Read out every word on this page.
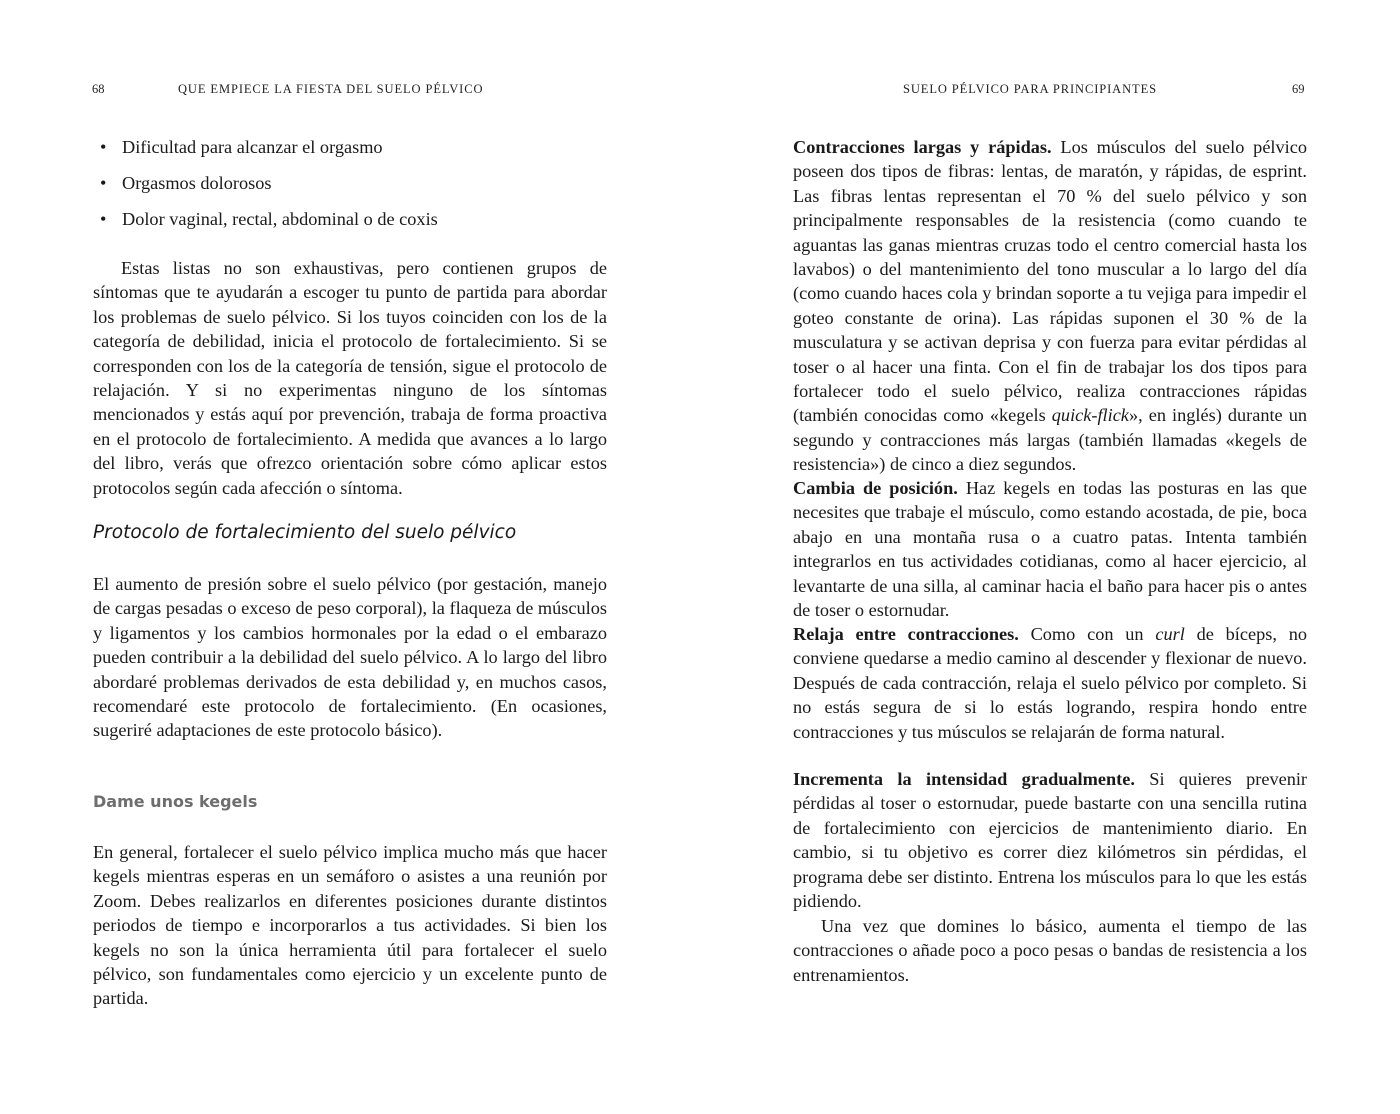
68	QUE EMPIECE LA FIESTA DEL SUELO PÉLVICO
• Dificultad para alcanzar el orgasmo
• Orgasmos dolorosos
• Dolor vaginal, rectal, abdominal o de coxis

Estas listas no son exhaustivas, pero contienen grupos de síntomas que te ayudarán a escoger tu punto de partida para abordar los problemas de suelo pélvico. Si los tuyos coinciden con los de la categoría de debilidad, inicia el protocolo de fortalecimiento. Si se corresponden con los de la categoría de tensión, sigue el protocolo de relajación. Y si no experimentas ninguno de los síntomas mencionados y estás aquí por prevención, trabaja de forma proactiva en el protocolo de fortalecimiento. A medida que avances a lo largo del libro, verás que ofrezco orientación sobre cómo aplicar estos protocolos según cada afección o síntoma.

Protocolo de fortalecimiento del suelo pélvico

El aumento de presión sobre el suelo pélvico (por gestación, manejo de cargas pesadas o exceso de peso corporal), la flaqueza de músculos y ligamentos y los cambios hormonales por la edad o el embarazo pueden contribuir a la debilidad del suelo pélvico. A lo largo del libro abordaré problemas derivados de esta debilidad y, en muchos casos, recomendaré este protocolo de fortalecimiento. (En ocasiones, sugeriré adaptaciones de este protocolo básico).

Dame unos kegels

En general, fortalecer el suelo pélvico implica mucho más que hacer kegels mientras esperas en un semáforo o asistes a una reunión por Zoom. Debes realizarlos en diferentes posiciones durante distintos periodos de tiempo e incorporarlos a tus actividades. Si bien los kegels no son la única herramienta útil para fortalecer el suelo pélvico, son fundamentales como ejercicio y un excelente punto de partida.

SUELO PÉLVICO PARA PRINCIPIANTES	69

Contracciones largas y rápidas. Los músculos del suelo pélvico poseen dos tipos de fibras: lentas, de maratón, y rápidas, de esprint. Las fibras lentas representan el 70 % del suelo pélvico y son principalmente responsables de la resistencia (como cuando te aguantas las ganas mientras cruzas todo el centro comercial hasta los lavabos) o del mantenimiento del tono muscular a lo largo del día (como cuando haces cola y brindan soporte a tu vejiga para impedir el goteo constante de orina). Las rápidas suponen el 30 % de la musculatura y se activan deprisa y con fuerza para evitar pérdidas al toser o al hacer una finta. Con el fin de trabajar los dos tipos para fortalecer todo el suelo pélvico, realiza contracciones rápidas (también conocidas como «kegels quick-flick», en inglés) durante un segundo y contracciones más largas (también llamadas «kegels de resistencia») de cinco a diez segundos.

Cambia de posición. Haz kegels en todas las posturas en las que necesites que trabaje el músculo, como estando acostada, de pie, boca abajo en una montaña rusa o a cuatro patas. Intenta también integrarlos en tus actividades cotidianas, como al hacer ejercicio, al levantarte de una silla, al caminar hacia el baño para hacer pis o antes de toser o estornudar.

Relaja entre contracciones. Como con un curl de bíceps, no conviene quedarse a medio camino al descender y flexionar de nuevo. Después de cada contracción, relaja el suelo pélvico por completo. Si no estás segura de si lo estás logrando, respira hondo entre contracciones y tus músculos se relajarán de forma natural.

Incrementa la intensidad gradualmente. Si quieres prevenir pérdidas al toser o estornudar, puede bastarte con una sencilla rutina de fortalecimiento con ejercicios de mantenimiento diario. En cambio, si tu objetivo es correr diez kilómetros sin pérdidas, el programa debe ser distinto. Entrena los músculos para lo que les estás pidiendo.

Una vez que domines lo básico, aumenta el tiempo de las contracciones o añade poco a poco pesas o bandas de resistencia a los entrenamientos.
